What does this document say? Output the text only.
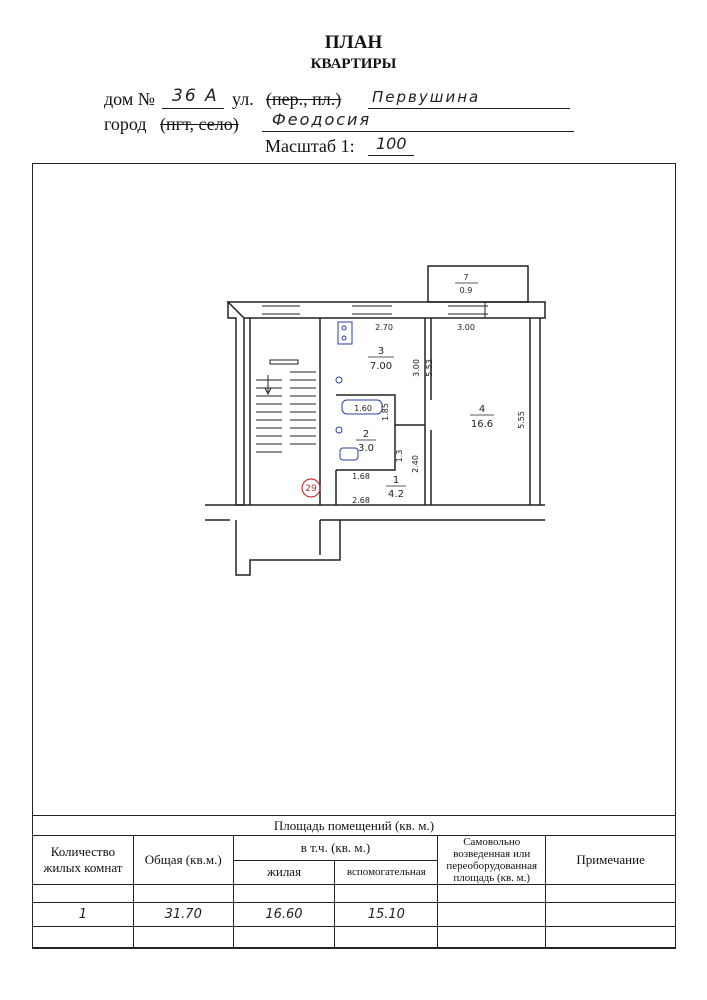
ПЛАН
КВАРТИРЫ
дом № 36 А ул. (пер., пл.) Первушина
город (пгт, село) Феодосия
Масштаб 1: 100
29
7
0.9
3
7.00
2
3.0
1
4.2
4
16.6
2.70	3.00
3.00 5.53
5.55
1.60 1.85
1.68
2.68
1.3 2.40
Площадь помещений (кв. м.)					
Количество жилых комнат	Общая (кв.м.)	в т.ч. (кв. м.)		Самовольно возведенная или переоборудованная площадь (кв. м.)	Примечание
		жилая	вспомогательная		

1	31.70	16.60	15.10		
